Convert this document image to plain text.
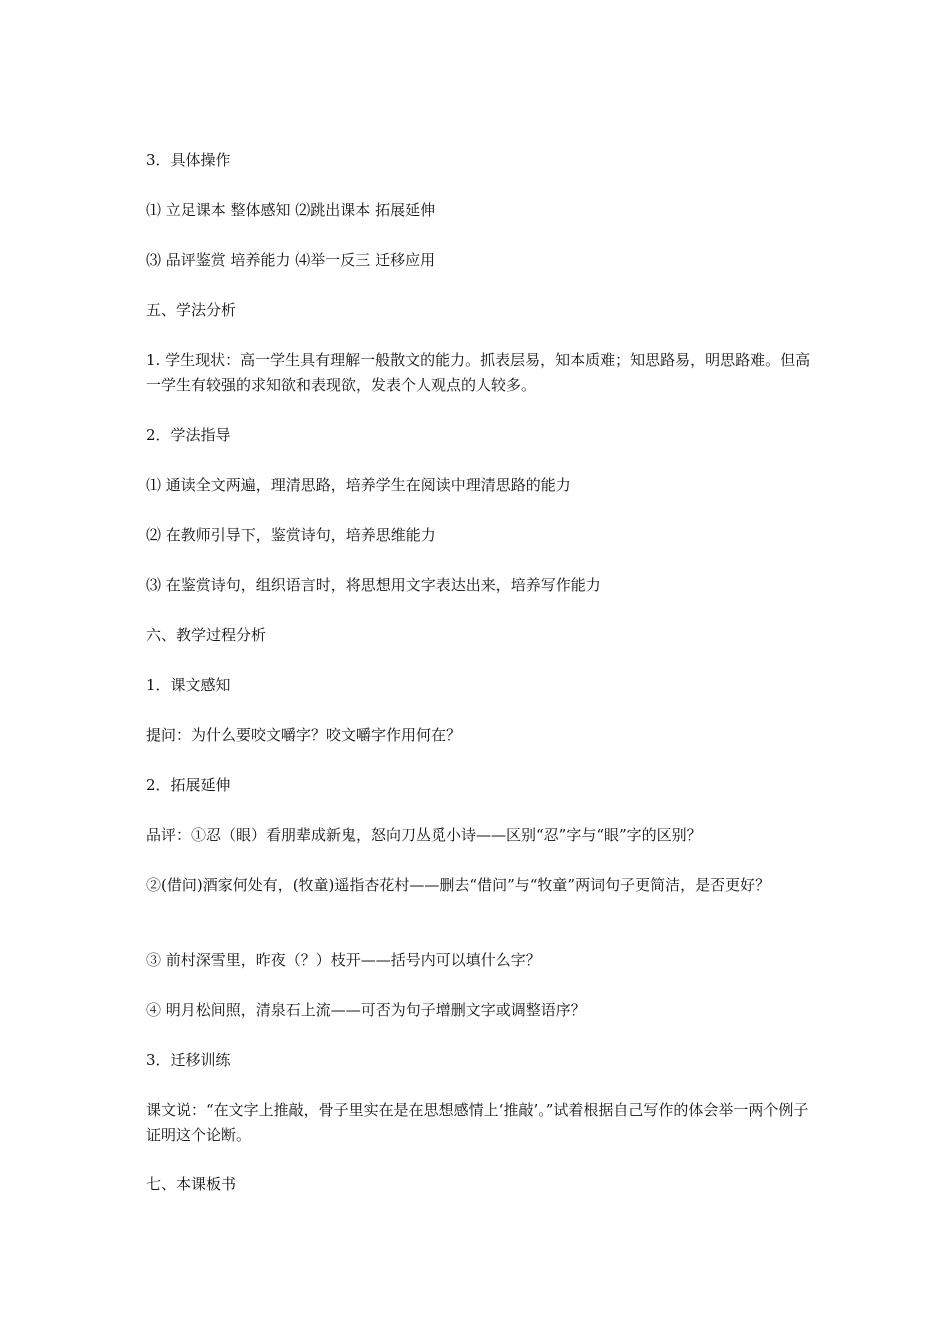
3．具体操作

⑴ 立足课本 整体感知 ⑵跳出课本 拓展延伸

⑶ 品评鉴赏 培养能力 ⑷举一反三 迁移应用

五、学法分析

1. 学生现状：高一学生具有理解一般散文的能力。抓表层易，知本质难；知思路易，明思路难。但高一学生有较强的求知欲和表现欲，发表个人观点的人较多。

2．学法指导

⑴ 通读全文两遍，理清思路，培养学生在阅读中理清思路的能力

⑵ 在教师引导下，鉴赏诗句，培养思维能力

⑶ 在鉴赏诗句，组织语言时，将思想用文字表达出来，培养写作能力

六、教学过程分析

1．课文感知

提问：为什么要咬文嚼字？咬文嚼字作用何在？

2．拓展延伸

品评：①忍（眼）看朋辈成新鬼，怒向刀丛觅小诗——区别“忍”字与“眼”字的区别？

②(借问)酒家何处有，(牧童)遥指杏花村——删去“借问”与“牧童”两词句子更简洁，是否更好？

③ 前村深雪里，昨夜（？）枝开——括号内可以填什么字？

④ 明月松间照，清泉石上流——可否为句子增删文字或调整语序？

3．迁移训练

课文说：“在文字上推敲，骨子里实在是在思想感情上‘推敲’。”试着根据自己写作的体会举一两个例子证明这个论断。

七、本课板书
